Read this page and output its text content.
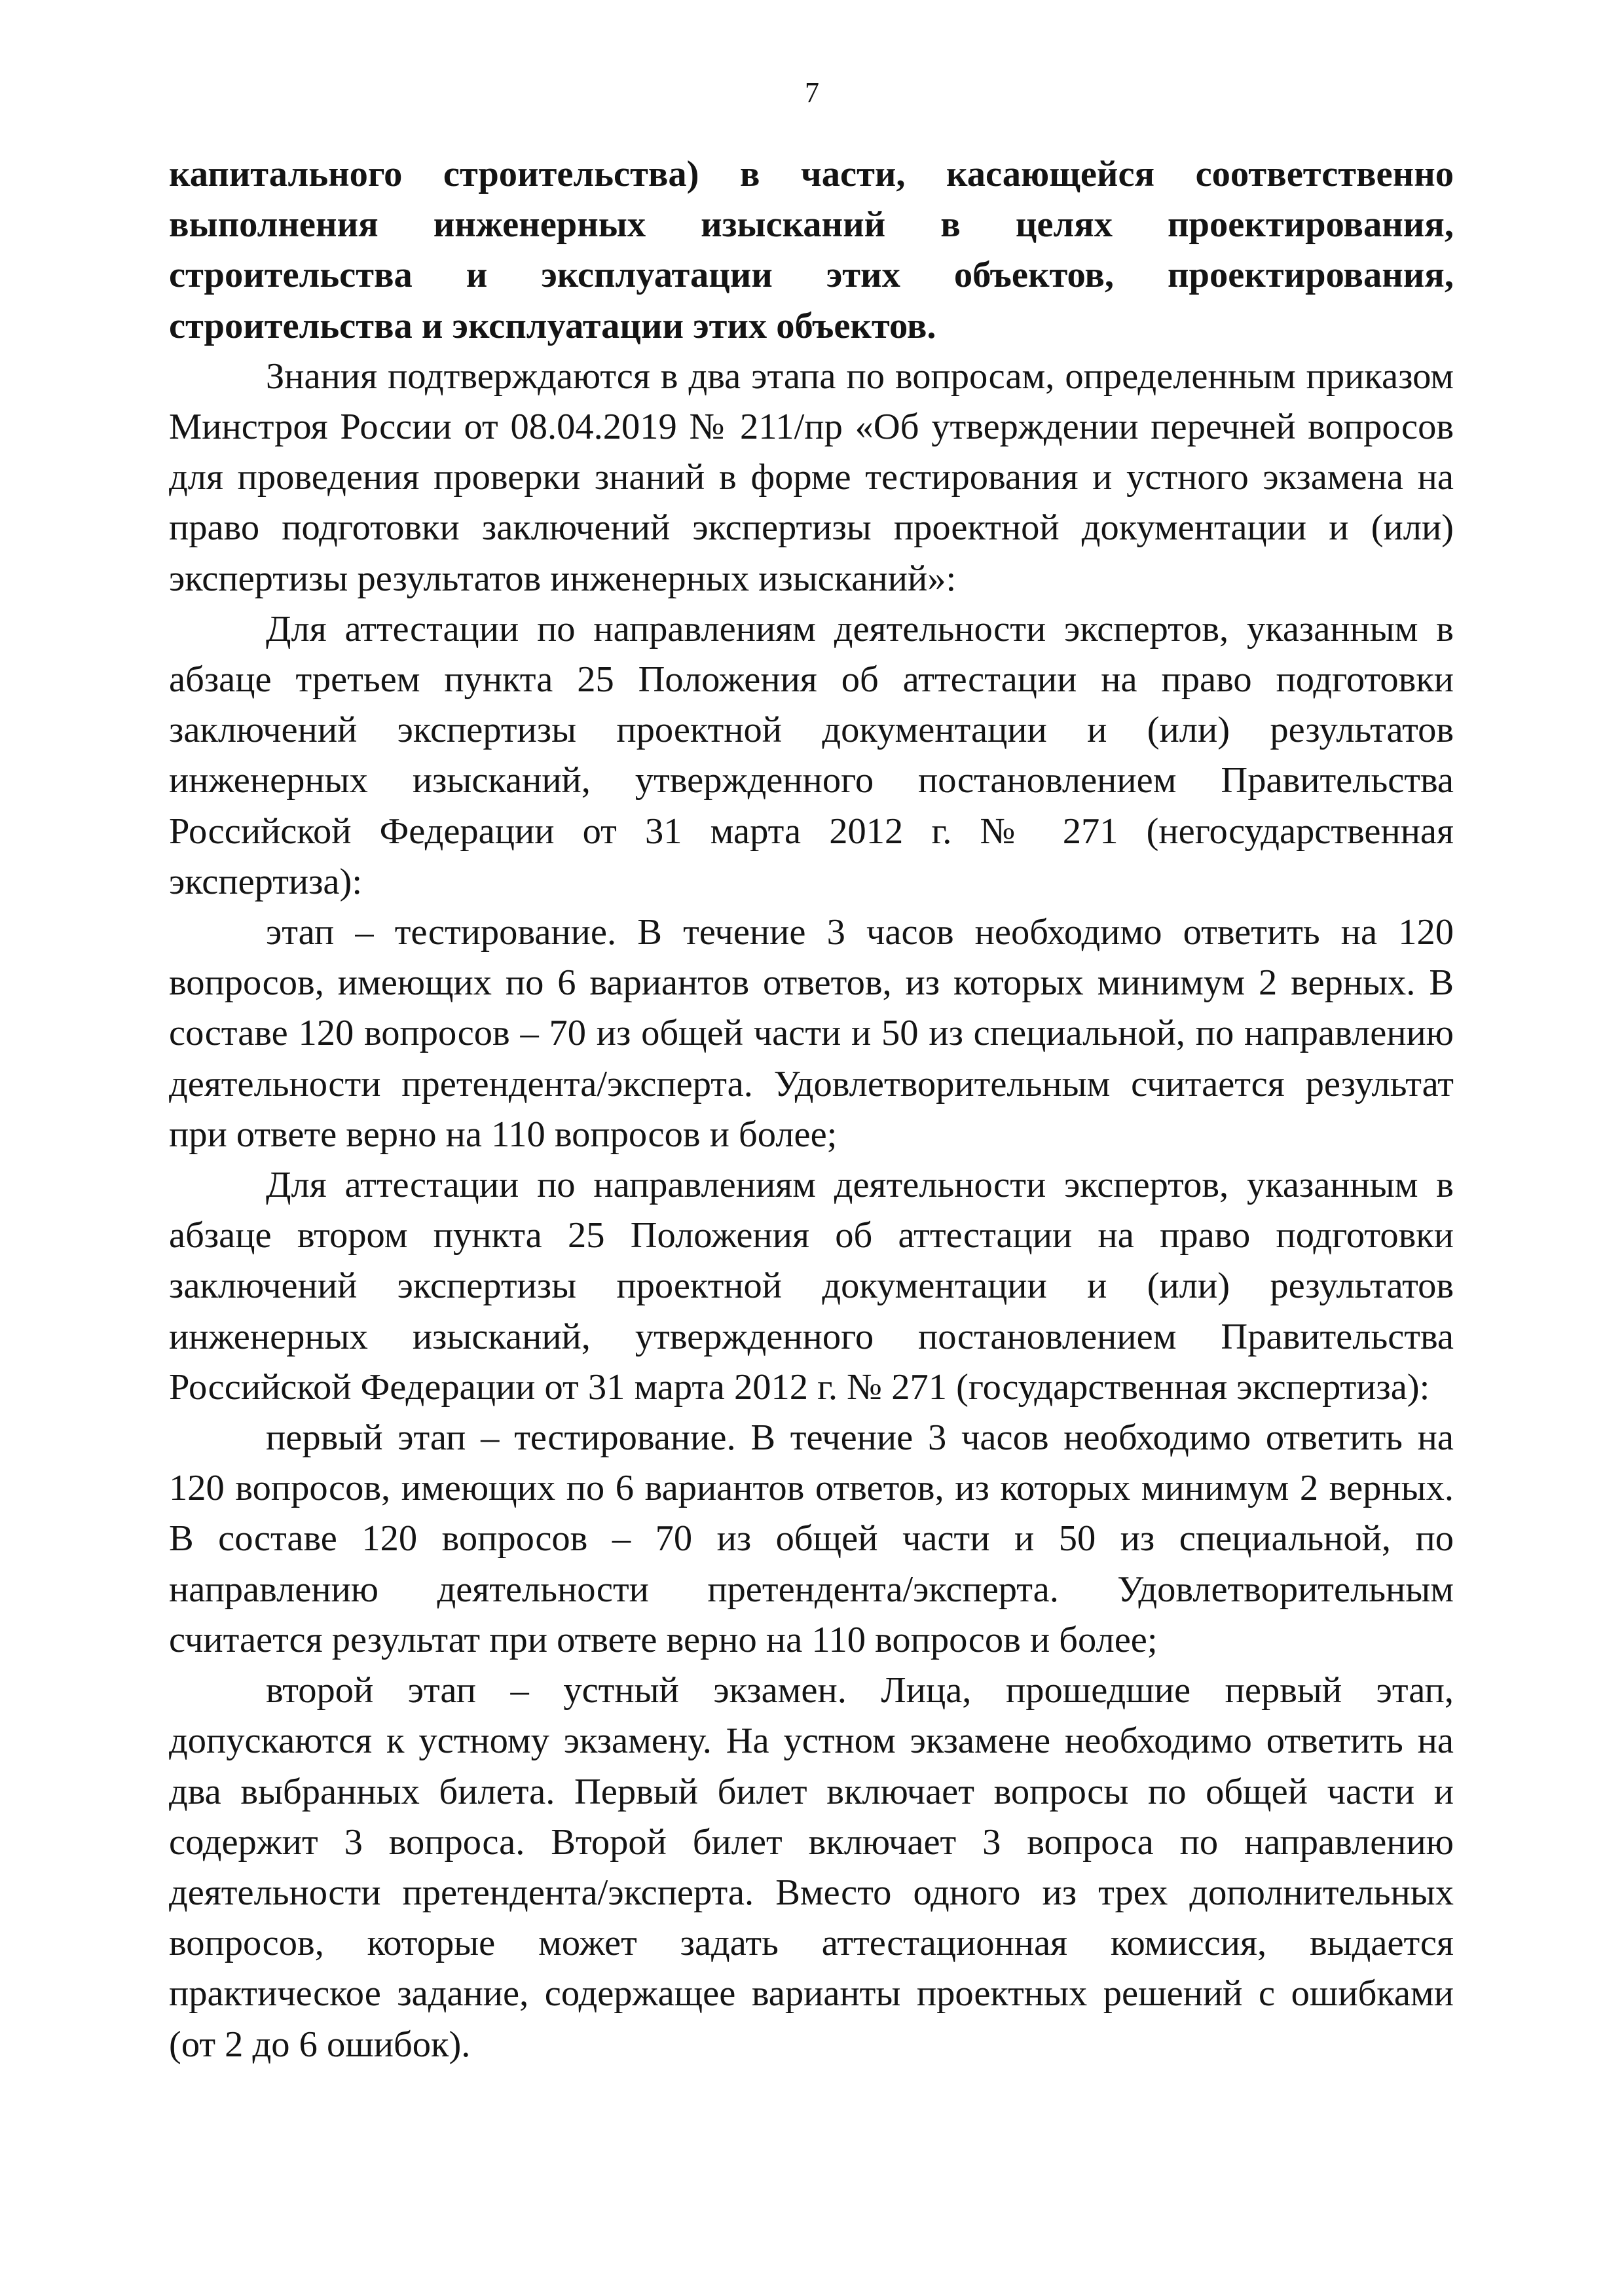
7

капитального строительства) в части, касающейся соответственно выполнения инженерных изысканий в целях проектирования, строительства и эксплуатации этих объектов, проектирования, строительства и эксплуатации этих объектов.

Знания подтверждаются в два этапа по вопросам, определенным приказом Минстроя России от 08.04.2019 № 211/пр «Об утверждении перечней вопросов для проведения проверки знаний в форме тестирования и устного экзамена на право подготовки заключений экспертизы проектной документации и (или) экспертизы результатов инженерных изысканий»:

Для аттестации по направлениям деятельности экспертов, указанным в абзаце третьем пункта 25 Положения об аттестации на право подготовки заключений экспертизы проектной документации и (или) результатов инженерных изысканий, утвержденного постановлением Правительства Российской Федерации от 31 марта 2012 г. № 271 (негосударственная экспертиза):

этап – тестирование. В течение 3 часов необходимо ответить на 120 вопросов, имеющих по 6 вариантов ответов, из которых минимум 2 верных. В составе 120 вопросов – 70 из общей части и 50 из специальной, по направлению деятельности претендента/эксперта. Удовлетворительным считается результат при ответе верно на 110 вопросов и более;

Для аттестации по направлениям деятельности экспертов, указанным в абзаце втором пункта 25 Положения об аттестации на право подготовки заключений экспертизы проектной документации и (или) результатов инженерных изысканий, утвержденного постановлением Правительства Российской Федерации от 31 марта 2012 г. № 271 (государственная экспертиза):

первый этап – тестирование. В течение 3 часов необходимо ответить на 120 вопросов, имеющих по 6 вариантов ответов, из которых минимум 2 верных. В составе 120 вопросов – 70 из общей части и 50 из специальной, по направлению деятельности претендента/эксперта. Удовлетворительным считается результат при ответе верно на 110 вопросов и более;

второй этап – устный экзамен. Лица, прошедшие первый этап, допускаются к устному экзамену. На устном экзамене необходимо ответить на два выбранных билета. Первый билет включает вопросы по общей части и содержит 3 вопроса. Второй билет включает 3 вопроса по направлению деятельности претендента/эксперта. Вместо одного из трех дополнительных вопросов, которые может задать аттестационная комиссия, выдается практическое задание, содержащее варианты проектных решений с ошибками (от 2 до 6 ошибок).
